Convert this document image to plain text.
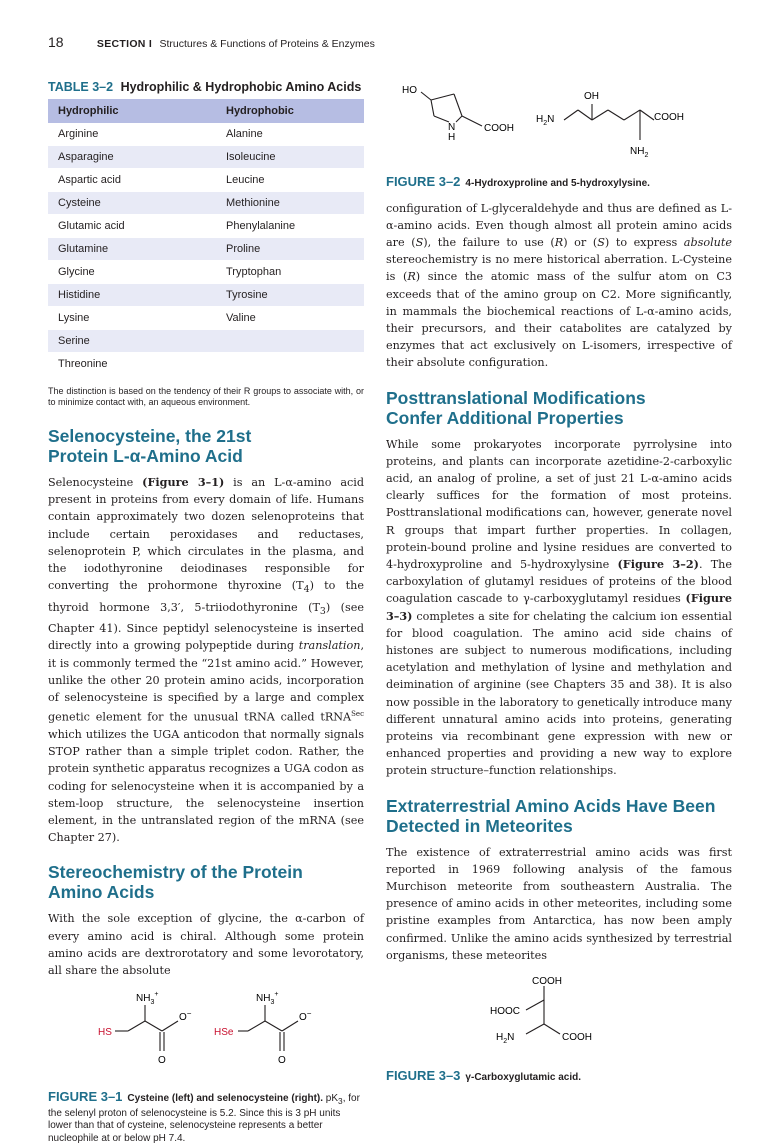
18	SECTION I Structures & Functions of Proteins & Enzymes
TABLE 3–2 Hydrophilic & Hydrophobic Amino Acids
Hydrophilic	Hydrophobic
Arginine	Alanine
Asparagine	Isoleucine
Aspartic acid	Leucine
Cysteine	Methionine
Glutamic acid	Phenylalanine
Glutamine	Proline
Glycine	Tryptophan
Histidine	Tyrosine
Lysine	Valine
Serine	
Threonine	
The distinction is based on the tendency of their R groups to associate with, or to minimize contact with, an aqueous environment.
Selenocysteine, the 21st
Protein L-α-Amino Acid

Selenocysteine (Figure 3–1) is an L-α-amino acid present in proteins from every domain of life. Humans contain approximately two dozen selenoproteins that include certain peroxidases and reductases, selenoprotein P, which circulates in the plasma, and the iodothyronine deiodinases responsible for converting the prohormone thyroxine $(T_4)$ to the thyroid hormone 3,3′, 5-triiodothyronine $(T_3)$ (see Chapter 41). Since peptidyl selenocysteine is inserted directly into a growing polypeptide during translation, it is commonly termed the “21st amino acid.” However, unlike the other 20 protein amino acids, incorporation of selenocysteine is specified by a large and complex genetic element for the unusual tRNA called tRNA$^{Sec}$ which utilizes the UGA anticodon that normally signals STOP rather than a simple triplet codon. Rather, the protein synthetic apparatus recognizes a UGA codon as coding for selenocysteine when it is accompanied by a stem-loop structure, the selenocysteine insertion element, in the untranslated region of the mRNA (see Chapter 27).

Stereochemistry of the Protein
Amino Acids

With the sole exception of glycine, the α-carbon of every amino acid is chiral. Although some protein amino acids are dextrorotatory and some levorotatory, all share the absolute

$NH_3^+$
O−
O
HS
$NH_3^+$
O−
O
HSe
FIGURE 3–1 Cysteine (left) and selenocysteine (right). $pK_3$, for the selenyl proton of selenocysteine is 5.2. Since this is 3 pH units lower than that of cysteine, selenocysteine represents a better nucleophile at or below pH 7.4.
HO
N
H
COOH
OH
$H_2N$	COOH
$NH_2$
FIGURE 3–2 4-Hydroxyproline and 5-hydroxylysine.

configuration of L-glyceraldehyde and thus are defined as L-α-amino acids. Even though almost all protein amino acids are (S), the failure to use (R) or (S) to express absolute stereochemistry is no mere historical aberration. L-Cysteine is (R) since the atomic mass of the sulfur atom on C3 exceeds that of the amino group on C2. More significantly, in mammals the biochemical reactions of L-α-amino acids, their precursors, and their catabolites are catalyzed by enzymes that act exclusively on L-isomers, irrespective of their absolute configuration.

Posttranslational Modifications
Confer Additional Properties

While some prokaryotes incorporate pyrrolysine into proteins, and plants can incorporate azetidine-2-carboxylic acid, an analog of proline, a set of just 21 L-α-amino acids clearly suffices for the formation of most proteins. Posttranslational modifications can, however, generate novel R groups that impart further properties. In collagen, protein-bound proline and lysine residues are converted to 4-hydroxyproline and 5-hydroxylysine (Figure 3–2). The carboxylation of glutamyl residues of proteins of the blood coagulation cascade to γ-carboxyglutamyl residues (Figure 3–3) completes a site for chelating the calcium ion essential for blood coagulation. The amino acid side chains of histones are subject to numerous modifications, including acetylation and methylation of lysine and methylation and deimination of arginine (see Chapters 35 and 38). It is also now possible in the laboratory to genetically introduce many different unnatural amino acids into proteins, generating proteins via recombinant gene expression with new or enhanced properties and providing a new way to explore protein structure–function relationships.

Extraterrestrial Amino Acids Have Been
Detected in Meteorites

The existence of extraterrestrial amino acids was first reported in 1969 following analysis of the famous Murchison meteorite from southeastern Australia. The presence of amino acids in other meteorites, including some pristine examples from Antarctica, has now been amply confirmed. Unlike the amino acids synthesized by terrestrial organisms, these meteorites

COOH
HOOC
$H_2N$	COOH
FIGURE 3–3 γ-Carboxyglutamic acid.
